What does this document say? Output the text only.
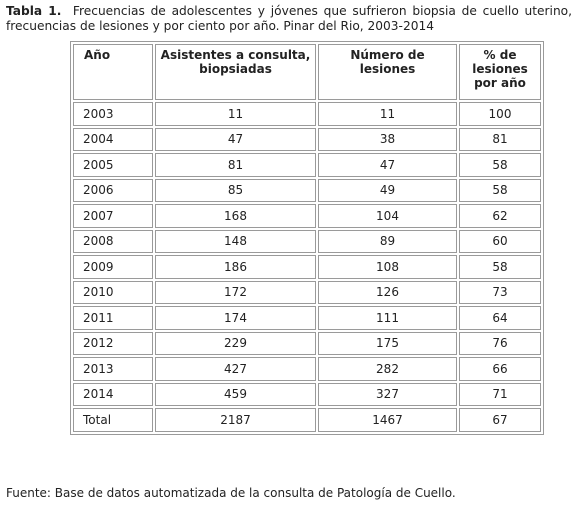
Tabla 1. Frecuencias de adolescentes y jóvenes que sufrieron biopsia de cuello uterino, frecuencias de lesiones y por ciento por año. Pinar del Rio, 2003-2014
Año	Asistentes a consulta, biopsiadas	Número de lesiones	% de lesiones por año
2003	11	11	100
2004	47	38	81
2005	81	47	58
2006	85	49	58
2007	168	104	62
2008	148	89	60
2009	186	108	58
2010	172	126	73
2011	174	111	64
2012	229	175	76
2013	427	282	66
2014	459	327	71
Total	2187	1467	67
Fuente: Base de datos automatizada de la consulta de Patología de Cuello.
